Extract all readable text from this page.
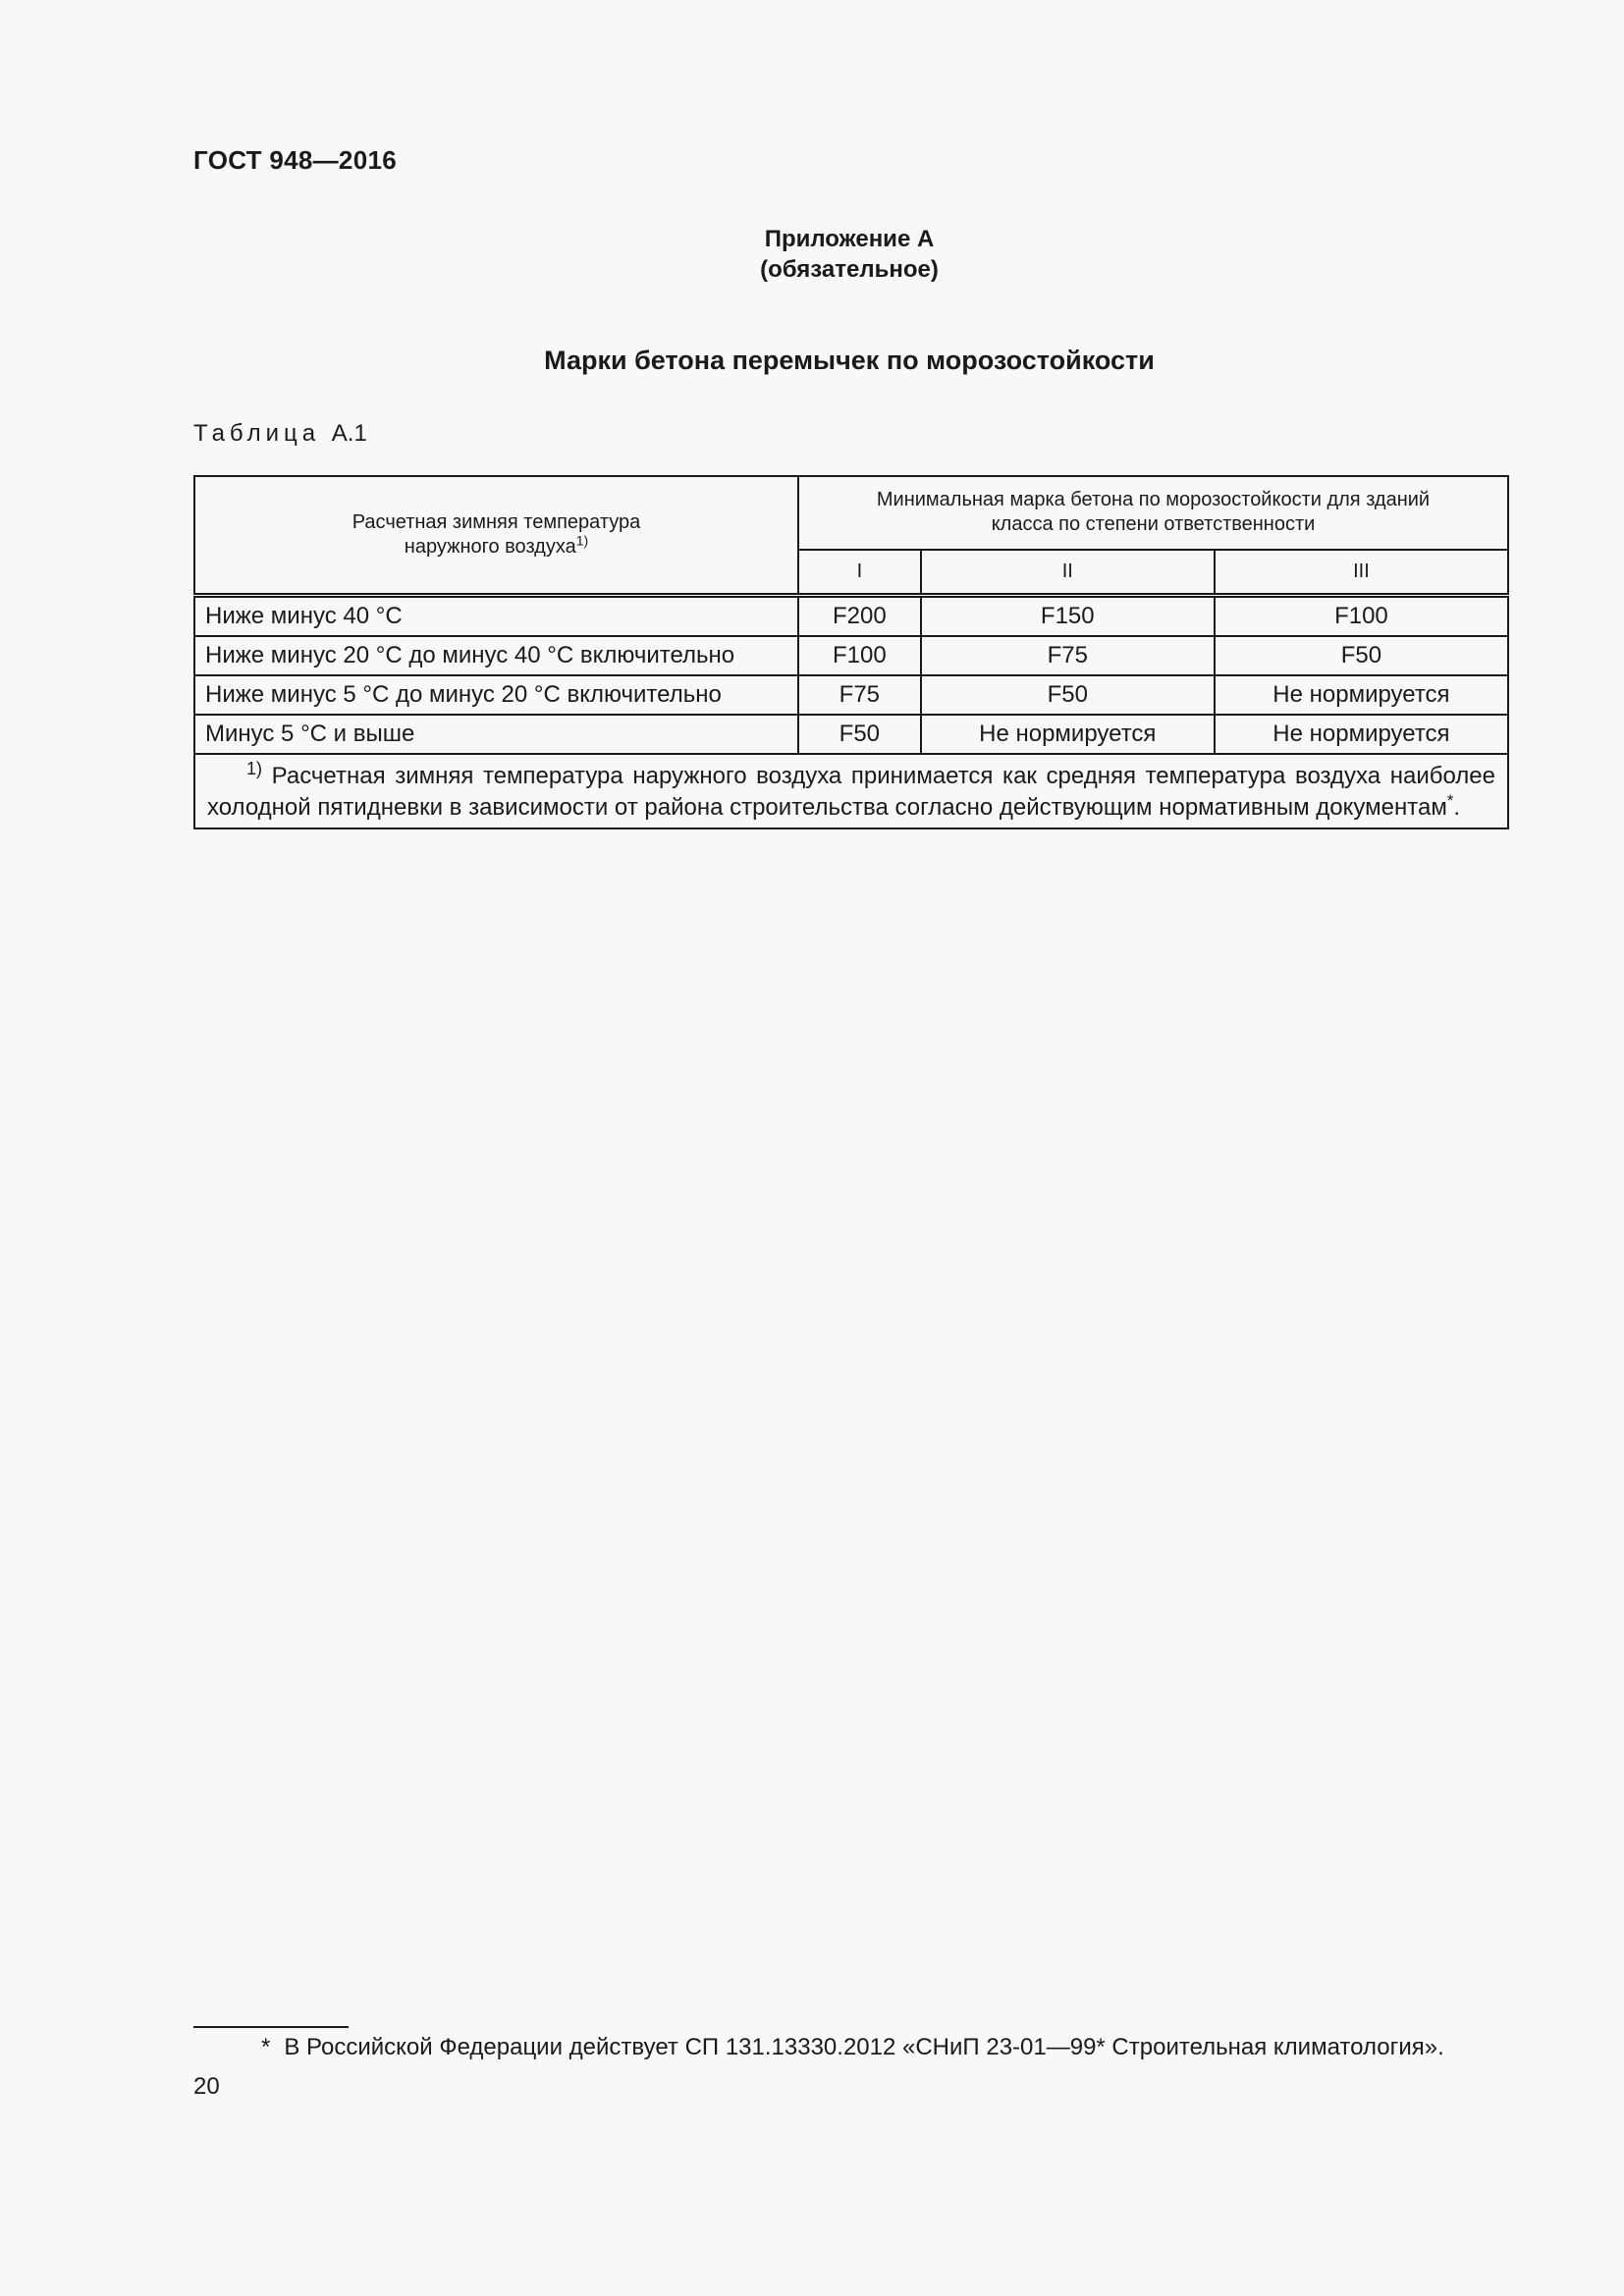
ГОСТ 948—2016
Приложение А
(обязательное)
Марки бетона перемычек по морозостойкости
Таблица А.1
Расчетная зимняя температура
наружного воздуха$^{1)}$	Минимальная марка бетона по морозостойкости для зданий
класса по степени ответственности		
	I	II	III
Ниже минус 40 °С	F200	F150	F100
Ниже минус 20 °С до минус 40 °С включительно	F100	F75	F50
Ниже минус 5 °С до минус 20 °С включительно	F75	F50	Не нормируется
Минус 5 °С и выше	F50	Не нормируется	Не нормируется
$^{1)}$ Расчетная зимняя температура наружного воздуха принимается как средняя температура воздуха наиболее холодной пятидневки в зависимости от района строительства согласно действующим нормативным документам*.			
* В Российской Федерации действует СП 131.13330.2012 «СНиП 23-01—99* Строительная климатология».
20
